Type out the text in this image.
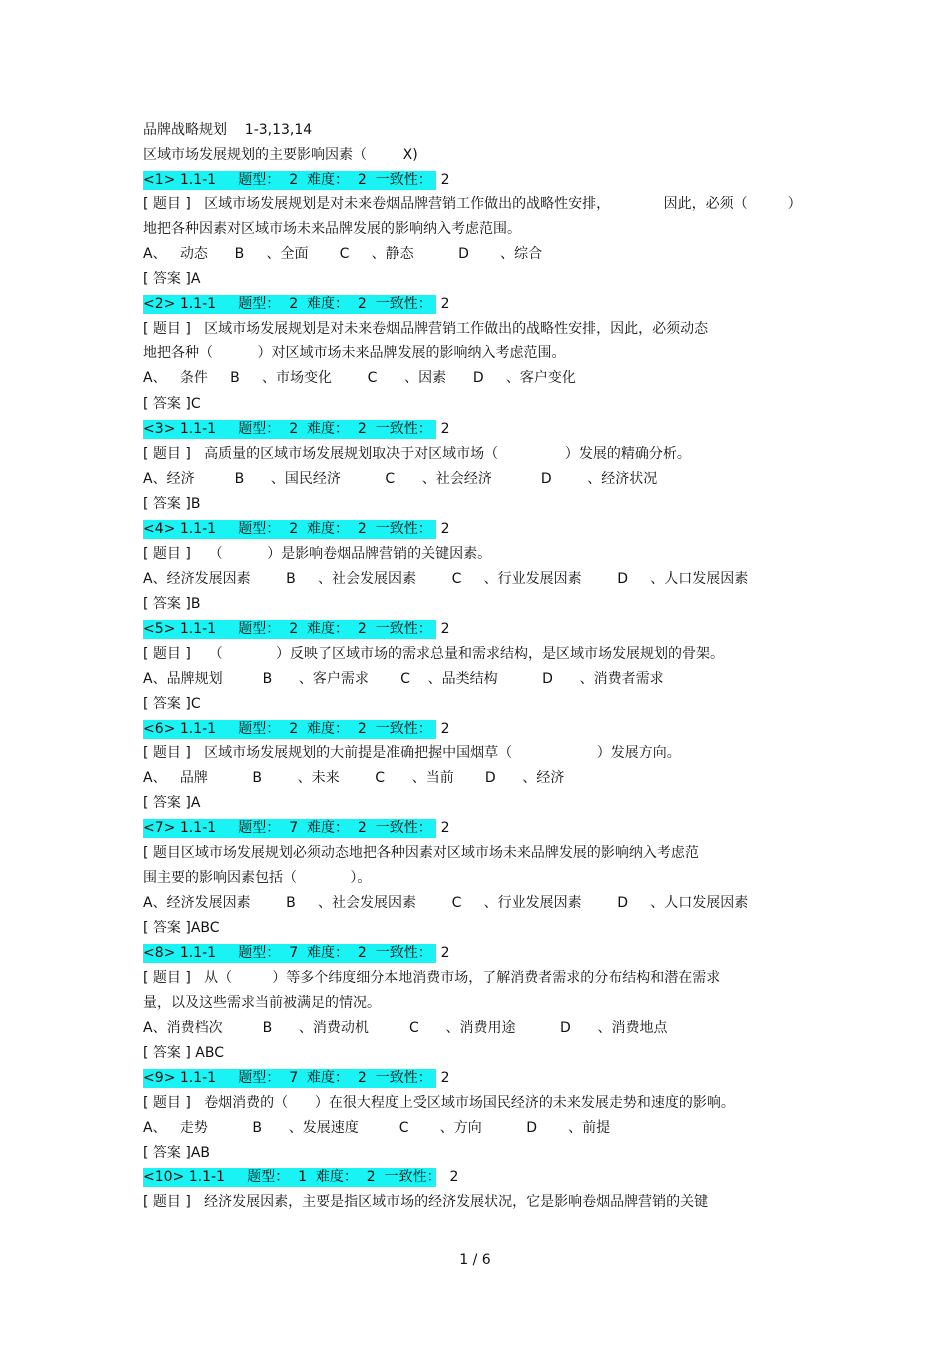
品牌战略规划    1-3,13,14
区域市场发展规划的主要影响因素（        X)
<1> 1.1-1     题型：  2  难度：  2  一致性：  2
[ 题目 ]   区域市场发展规划是对未来卷烟品牌营销工作做出的战略性安排，            因此，必须（         ）
地把各种因素对区域市场未来品牌发展的影响纳入考虑范围。
A、   动态      B     、全面       C     、静态          D       、综合
[ 答案 ]A
<2> 1.1-1     题型：  2  难度：  2  一致性：  2
[ 题目 ]   区域市场发展规划是对未来卷烟品牌营销工作做出的战略性安排，因此，必须动态
地把各种（          ）对区域市场未来品牌发展的影响纳入考虑范围。
A、   条件     B     、市场变化        C      、因素      D     、客户变化
[ 答案 ]C
<3> 1.1-1     题型：  2  难度：  2  一致性：  2
[ 题目 ]   高质量的区域市场发展规划取决于对区域市场（               ）发展的精确分析。
A、经济         B      、国民经济          C      、社会经济           D        、经济状况
[ 答案 ]B
<4> 1.1-1     题型：  2  难度：  2  一致性：  2
[ 题目 ]    （          ）是影响卷烟品牌营销的关键因素。
A、经济发展因素        B     、社会发展因素        C     、行业发展因素        D     、人口发展因素
[ 答案 ]B
<5> 1.1-1     题型：  2  难度：  2  一致性：  2
[ 题目 ]    （            ）反映了区域市场的需求总量和需求结构，是区域市场发展规划的骨架。
A、品牌规划         B      、客户需求       C    、品类结构          D      、消费者需求
[ 答案 ]C
<6> 1.1-1     题型：  2  难度：  2  一致性：  2
[ 题目 ]   区域市场发展规划的大前提是准确把握中国烟草（                   ）发展方向。
A、   品牌          B        、未来        C      、当前       D      、经济
[ 答案 ]A
<7> 1.1-1     题型：  7  难度：  2  一致性：  2
[ 题目区域市场发展规划必须动态地把各种因素对区域市场未来品牌发展的影响纳入考虑范
围主要的影响因素包括（            ）。
A、经济发展因素        B     、社会发展因素        C     、行业发展因素        D     、人口发展因素
[ 答案 ]ABC
<8> 1.1-1     题型：  7  难度：  2  一致性：  2
[ 题目 ]   从（         ）等多个纬度细分本地消费市场，了解消费者需求的分布结构和潜在需求
量，以及这些需求当前被满足的情况。
A、消费档次         B      、消费动机         C      、消费用途          D      、消费地点
[ 答案 ] ABC
<9> 1.1-1     题型：  7  难度：  2  一致性：  2
[ 题目 ]   卷烟消费的（      ）在很大程度上受区域市场国民经济的未来发展走势和速度的影响。
A、   走势          B      、发展速度         C       、方向          D       、前提
[ 答案 ]AB
<10> 1.1-1     题型：  1  难度：  2  一致性：  2
[ 题目 ]   经济发展因素，主要是指区域市场的经济发展状况，它是影响卷烟品牌营销的关键
1 / 6
